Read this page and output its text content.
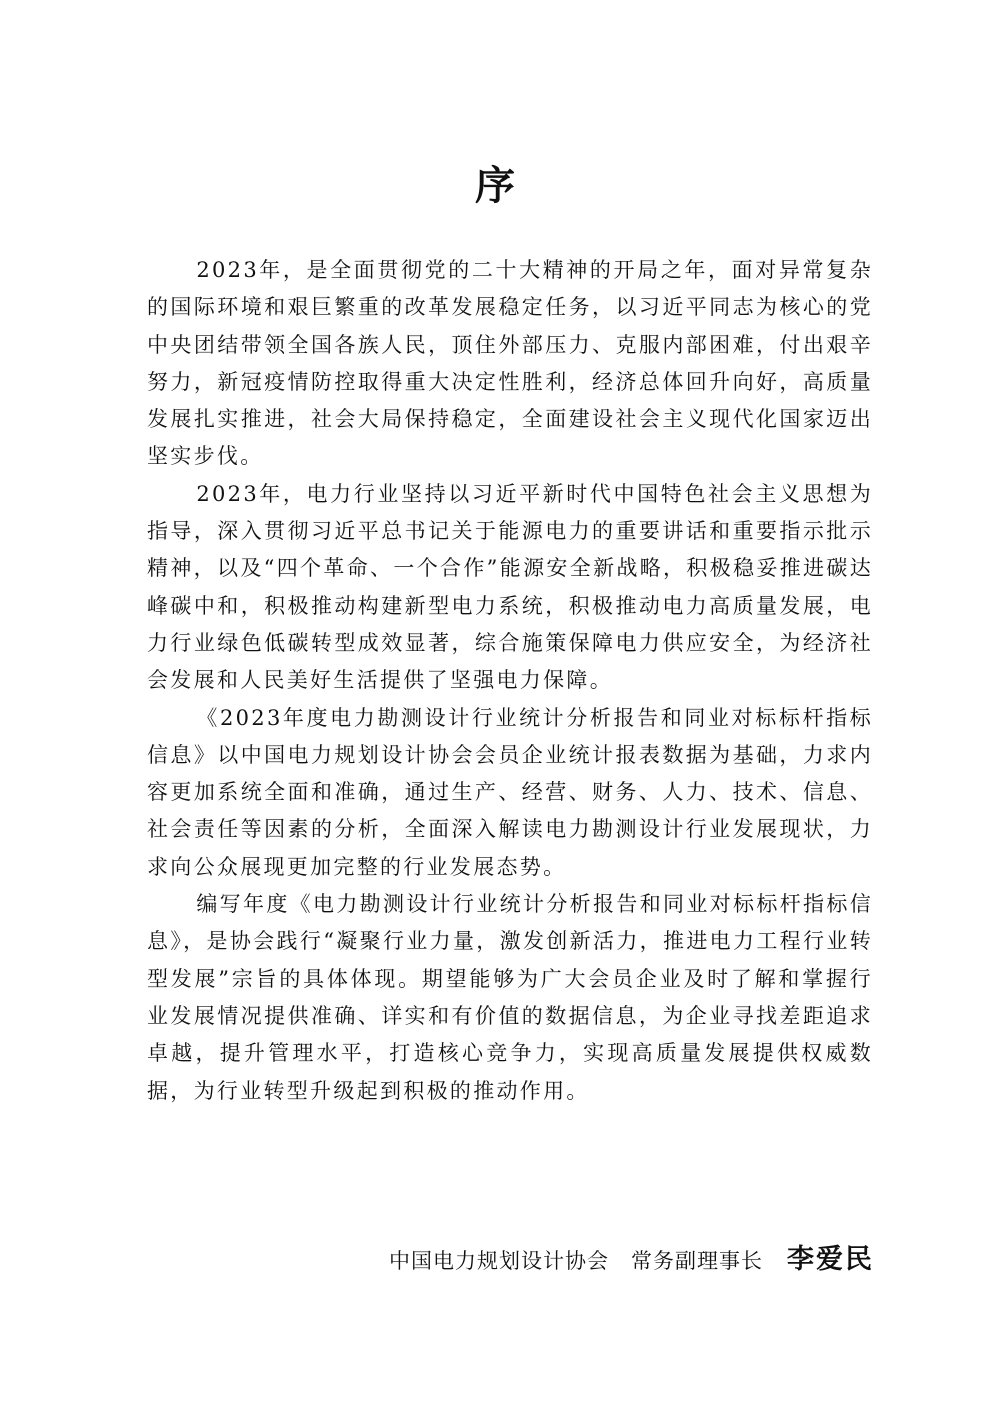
序

2023年，是全面贯彻党的二十大精神的开局之年，面对异常复杂的国际环境和艰巨繁重的改革发展稳定任务，以习近平同志为核心的党中央团结带领全国各族人民，顶住外部压力、克服内部困难，付出艰辛努力，新冠疫情防控取得重大决定性胜利，经济总体回升向好，高质量发展扎实推进，社会大局保持稳定，全面建设社会主义现代化国家迈出坚实步伐。

2023年，电力行业坚持以习近平新时代中国特色社会主义思想为指导，深入贯彻习近平总书记关于能源电力的重要讲话和重要指示批示精神，以及“四个革命、一个合作”能源安全新战略，积极稳妥推进碳达峰碳中和，积极推动构建新型电力系统，积极推动电力高质量发展，电力行业绿色低碳转型成效显著，综合施策保障电力供应安全，为经济社会发展和人民美好生活提供了坚强电力保障。

《2023年度电力勘测设计行业统计分析报告和同业对标标杆指标信息》以中国电力规划设计协会会员企业统计报表数据为基础，力求内容更加系统全面和准确，通过生产、经营、财务、人力、技术、信息、社会责任等因素的分析，全面深入解读电力勘测设计行业发展现状，力求向公众展现更加完整的行业发展态势。

编写年度《电力勘测设计行业统计分析报告和同业对标标杆指标信息》，是协会践行“凝聚行业力量，激发创新活力，推进电力工程行业转型发展”宗旨的具体体现。期望能够为广大会员企业及时了解和掌握行业发展情况提供准确、详实和有价值的数据信息，为企业寻找差距追求卓越，提升管理水平，打造核心竞争力，实现高质量发展提供权威数据，为行业转型升级起到积极的推动作用。

中国电力规划设计协会 常务副理事长 李爱民
